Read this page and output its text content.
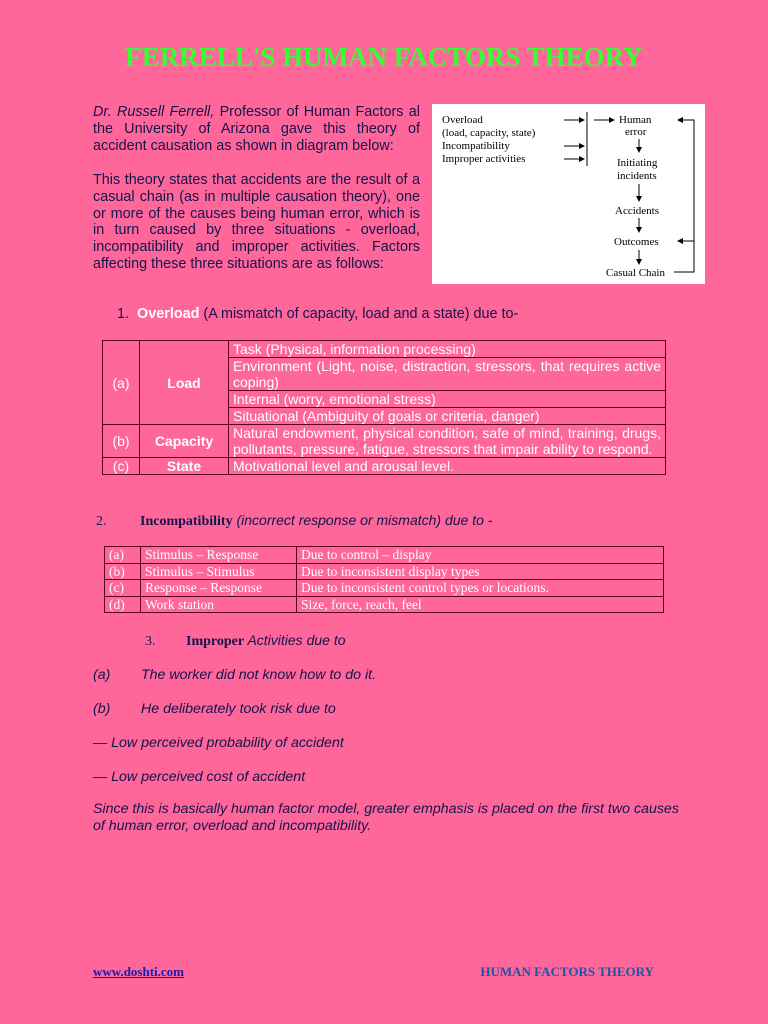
FERRELL'S HUMAN FACTORS THEORY
Dr. Russell Ferrell, Professor of Human Factors al the University of Arizona gave this theory of accident causation as shown in diagram below:
This theory states that accidents are the result of a casual chain (as in multiple causation theory), one or more of the causes being human error, which is in turn caused by three situations - overload, incompatibility and improper activities. Factors affecting these three situations are as follows:
Overload
(load, capacity, state)
Incompatibility
Improper activities
Human
error
Initiating
incidents
Accidents
Outcomes
Casual Chain
1. Overload (A mismatch of capacity, load and a state) due to-
(a)	Load	Task (Physical, information processing)
		Environment (Light, noise, distraction, stressors, that requires active coping)
		Internal (worry, emotional stress)
		Situational (Ambiguity of goals or criteria, danger)
(b)	Capacity	Natural endowment, physical condition, safe of mind, training, drugs, pollutants, pressure, fatigue, stressors that impair ability to respond.
(c)	State	Motivational level and arousal level.
2. Incompatibility (incorrect response or mismatch) due to -
(a)	Stimulus – Response	Due to control – display
(b)	Stimulus – Stimulus	Due to inconsistent display types
(c)	Response – Response	Due to inconsistent control types or locations.
(d)	Work station	Size, force, reach, feel
3. Improper Activities due to
(a) The worker did not know how to do it.
(b) He deliberately took risk due to
— Low perceived probability of accident
— Low perceived cost of accident
Since this is basically human factor model, greater emphasis is placed on the first two causes of human error, overload and incompatibility.
www.doshti.com	HUMAN FACTORS THEORY
